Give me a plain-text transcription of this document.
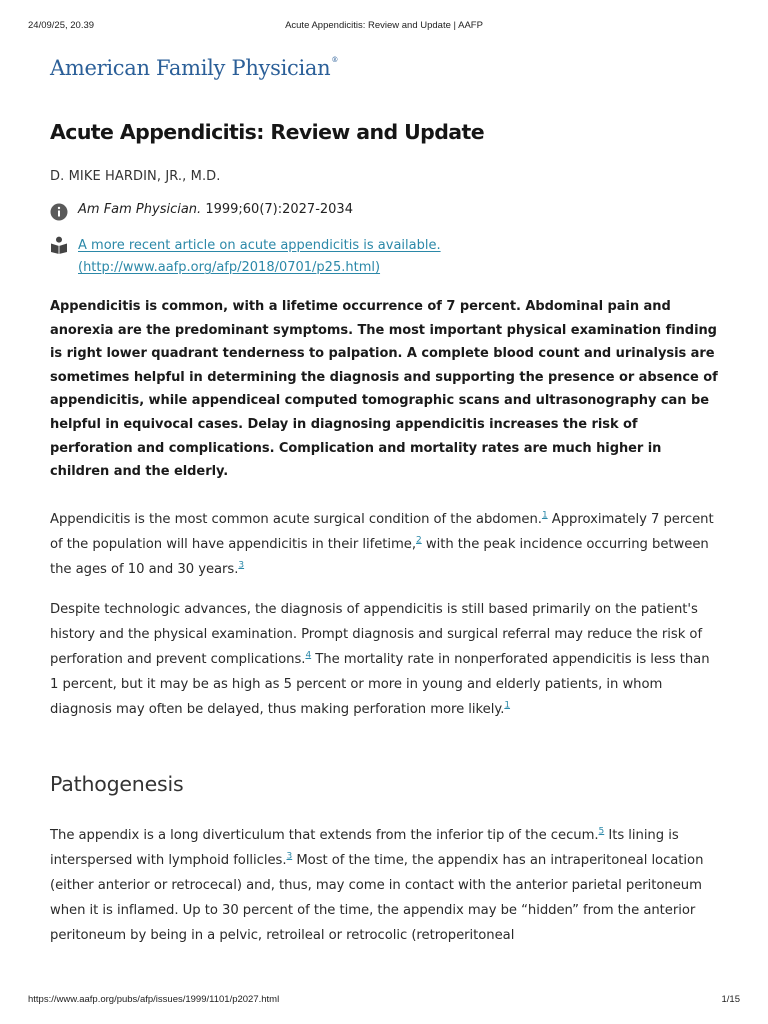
24/09/25, 20.39	Acute Appendicitis: Review and Update | AAFP
American Family Physician®
Acute Appendicitis: Review and Update
D. MIKE HARDIN, JR., M.D.
Am Fam Physician. 1999;60(7):2027-2034
A more recent article on acute appendicitis is available.
(http://www.aafp.org/afp/2018/0701/p25.html)

Appendicitis is common, with a lifetime occurrence of 7 percent. Abdominal pain and anorexia are the predominant symptoms. The most important physical examination finding is right lower quadrant tenderness to palpation. A complete blood count and urinalysis are sometimes helpful in determining the diagnosis and supporting the presence or absence of appendicitis, while appendiceal computed tomographic scans and ultrasonography can be helpful in equivocal cases. Delay in diagnosing appendicitis increases the risk of perforation and complications. Complication and mortality rates are much higher in children and the elderly.

Appendicitis is the most common acute surgical condition of the abdomen.$^1$ Approximately 7 percent of the population will have appendicitis in their lifetime,$^2$ with the peak incidence occurring between the ages of 10 and 30 years.$^3$

Despite technologic advances, the diagnosis of appendicitis is still based primarily on the patient's history and the physical examination. Prompt diagnosis and surgical referral may reduce the risk of perforation and prevent complications.$^4$ The mortality rate in nonperforated appendicitis is less than 1 percent, but it may be as high as 5 percent or more in young and elderly patients, in whom diagnosis may often be delayed, thus making perforation more likely.$^1$

Pathogenesis

The appendix is a long diverticulum that extends from the inferior tip of the cecum.$^5$ Its lining is interspersed with lymphoid follicles.$^3$ Most of the time, the appendix has an intraperitoneal location (either anterior or retrocecal) and, thus, may come in contact with the anterior parietal peritoneum when it is inflamed. Up to 30 percent of the time, the appendix may be “hidden” from the anterior peritoneum by being in a pelvic, retroileal or retrocolic (retroperitoneal

https://www.aafp.org/pubs/afp/issues/1999/1101/p2027.html	1/15
